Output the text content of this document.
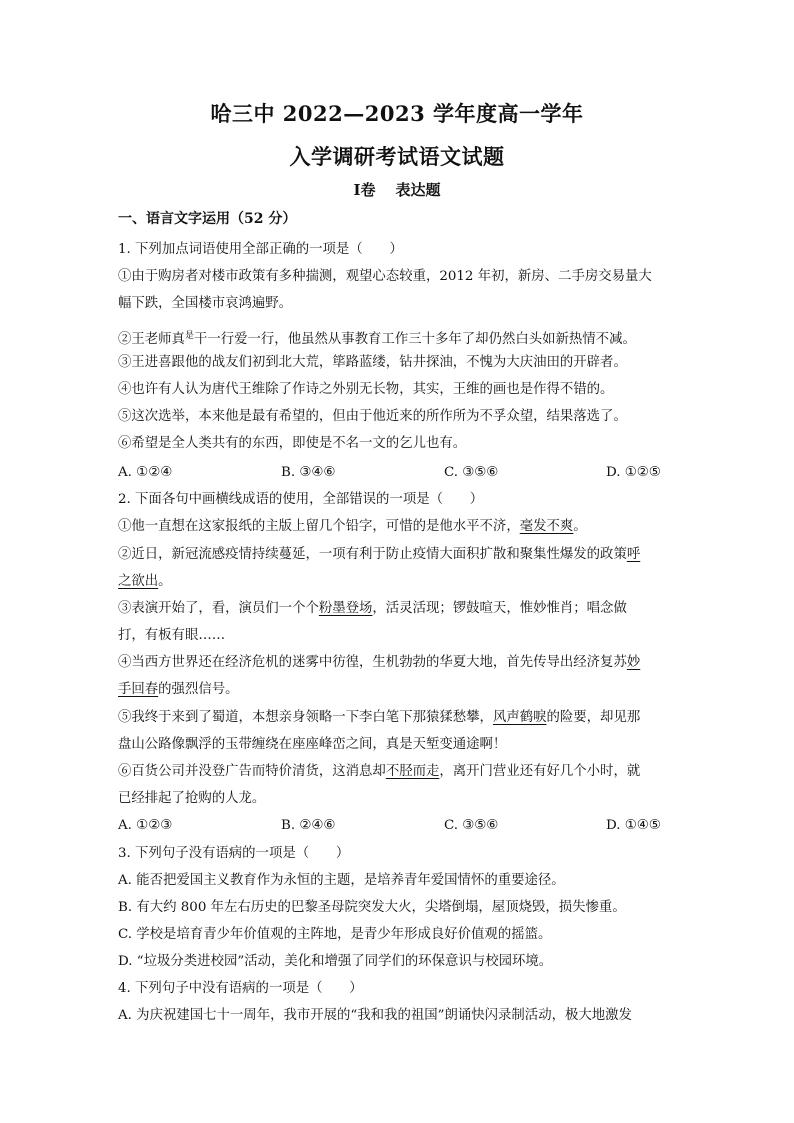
哈三中 2022—2023 学年度高一学年
入学调研考试语文试题
Ⅰ卷 表达题
一、语言文字运用（52 分）
1. 下列加点词语使用全部正确的一项是（　　）
①由于购房者对楼市政策有多种揣测，观望心态较重，2012 年初，新房、二手房交易量大
幅下跌，全国楼市哀鸿遍野。
②王老师真$^是$干一行爱一行，他虽然从事教育工作三十多年了却仍然白头如新热情不减。
③王进喜跟他的战友们初到北大荒，筚路蓝缕，钻井探油，不愧为大庆油田的开辟者。
④也许有人认为唐代王维除了作诗之外别无长物，其实，王维的画也是作得不错的。
⑤这次选举，本来他是最有希望的，但由于他近来的所作所为不孚众望，结果落选了。
⑥希望是全人类共有的东西，即使是不名一文的乞儿也有。
A. ①②④	B. ③④⑥	C. ③⑤⑥	D. ①②⑤
2. 下面各句中画横线成语的使用，全部错误的一项是（　　）
①他一直想在这家报纸的主版上留几个铅字，可惜的是他水平不济，毫发不爽。
②近日，新冠流感疫情持续蔓延，一项有利于防止疫情大面积扩散和聚集性爆发的政策呼
之欲出。
③表演开始了，看，演员们一个个粉墨登场，活灵活现；锣鼓喧天，惟妙惟肖；唱念做
打，有板有眼……
④当西方世界还在经济危机的迷雾中彷徨，生机勃勃的华夏大地，首先传导出经济复苏妙
手回春的强烈信号。
⑤我终于来到了蜀道，本想亲身领略一下李白笔下那猿猱愁攀，风声鹤唳的险要，却见那
盘山公路像飘浮的玉带缠绕在座座峰峦之间，真是天堑变通途啊！
⑥百货公司并没登广告而特价清货，这消息却不胫而走，离开门营业还有好几个小时，就
已经排起了抢购的人龙。
A. ①②③	B. ②④⑥	C. ③⑤⑥	D. ①④⑤
3. 下列句子没有语病的一项是（　　）
A. 能否把爱国主义教育作为永恒的主题，是培养青年爱国情怀的重要途径。
B. 有大约 800 年左右历史的巴黎圣母院突发大火，尖塔倒塌，屋顶烧毁，损失惨重。
C. 学校是培育青少年价值观的主阵地，是青少年形成良好价值观的摇篮。
D. “垃圾分类进校园”活动，美化和增强了同学们的环保意识与校园环境。
4. 下列句子中没有语病的一项是（　　）
A. 为庆祝建国七十一周年，我市开展的“我和我的祖国”朗诵快闪录制活动，极大地激发
